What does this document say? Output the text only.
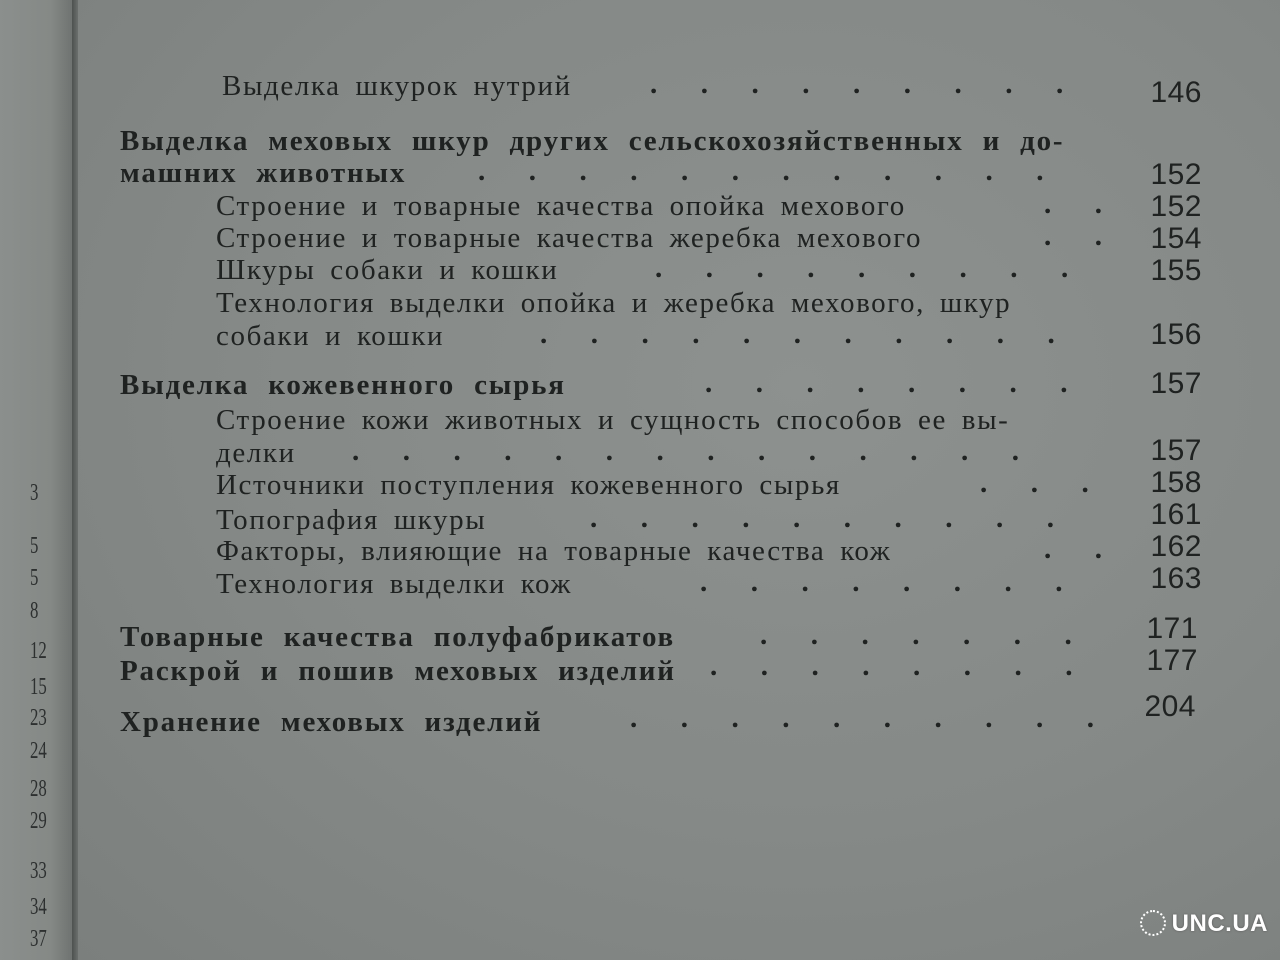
3
5
5
8
12
15
23
24
28
29
33
34
37
Выделка шкурок нутрий	.      .      .      .      .      .      .      .      .	146
Выделка меховых шкур других сельскохозяйственных и до-
машних животных .      .      .      .      .      .      .      .      .      .      .      .	152
Строение и товарные качества опойка мехового	.      .	152
Строение и товарные качества жеребка мехового	.      .	154
Шкуры собаки и кошки	.      .      .      .      .      .      .      .      .	155
Технология выделки опойка и жеребка мехового, шкур
собаки и кошки	.      .      .      .      .      .      .      .      .      .      .	156
Выделка кожевенного сырья	.      .      .      .      .      .      .      .	157
Строение кожи животных и сущность способов ее вы-
делки .      .      .      .      .      .      .      .      .      .      .      .      .      .	157
Источники поступления кожевенного сырья	.      .      .	158
Топография шкуры	.      .      .      .      .      .      .      .      .      .	161
Факторы, влияющие на товарные качества кож	.      .	162
Технология выделки кож	.      .      .      .      .      .      .      .	163
Товарные качества полуфабрикатов	.      .      .      .      .      .      .	171
Раскрой и пошив меховых изделий .      .      .      .      .      .      .      .	177
Хранение меховых изделий	.      .      .      .      .      .      .      .      .      .	204
UNC.UA
